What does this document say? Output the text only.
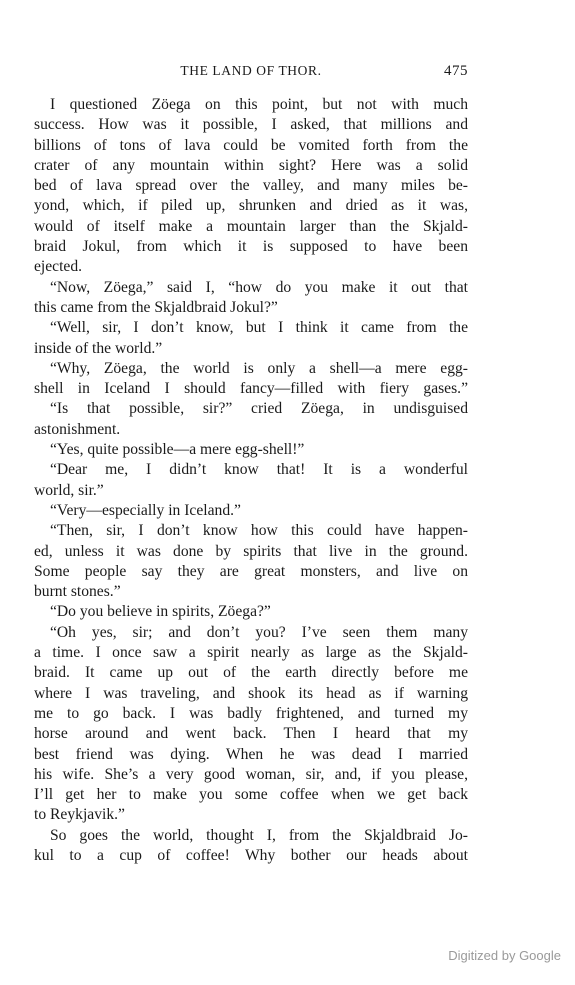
THE LAND OF THOR.	475
I questioned Zöega on this point, but not with much
success. How was it possible, I asked, that millions and
billions of tons of lava could be vomited forth from the
crater of any mountain within sight? Here was a solid
bed of lava spread over the valley, and many miles be-
yond, which, if piled up, shrunken and dried as it was,
would of itself make a mountain larger than the Skjald-
braid Jokul, from which it is supposed to have been
ejected.
“Now, Zöega,” said I, “how do you make it out that
this came from the Skjaldbraid Jokul?”
“Well, sir, I don’t know, but I think it came from the
inside of the world.”
“Why, Zöega, the world is only a shell—a mere egg-
shell in Iceland I should fancy—filled with fiery gases.”
“Is that possible, sir?” cried Zöega, in undisguised
astonishment.
“Yes, quite possible—a mere egg-shell!”
“Dear me, I didn’t know that! It is a wonderful
world, sir.”
“Very—especially in Iceland.”
“Then, sir, I don’t know how this could have happen-
ed, unless it was done by spirits that live in the ground.
Some people say they are great monsters, and live on
burnt stones.”
“Do you believe in spirits, Zöega?”
“Oh yes, sir; and don’t you? I’ve seen them many
a time. I once saw a spirit nearly as large as the Skjald-
braid. It came up out of the earth directly before me
where I was traveling, and shook its head as if warning
me to go back. I was badly frightened, and turned my
horse around and went back. Then I heard that my
best friend was dying. When he was dead I married
his wife. She’s a very good woman, sir, and, if you please,
I’ll get her to make you some coffee when we get back
to Reykjavik.”
So goes the world, thought I, from the Skjaldbraid Jo-
kul to a cup of coffee! Why bother our heads about
Digitized by Google
